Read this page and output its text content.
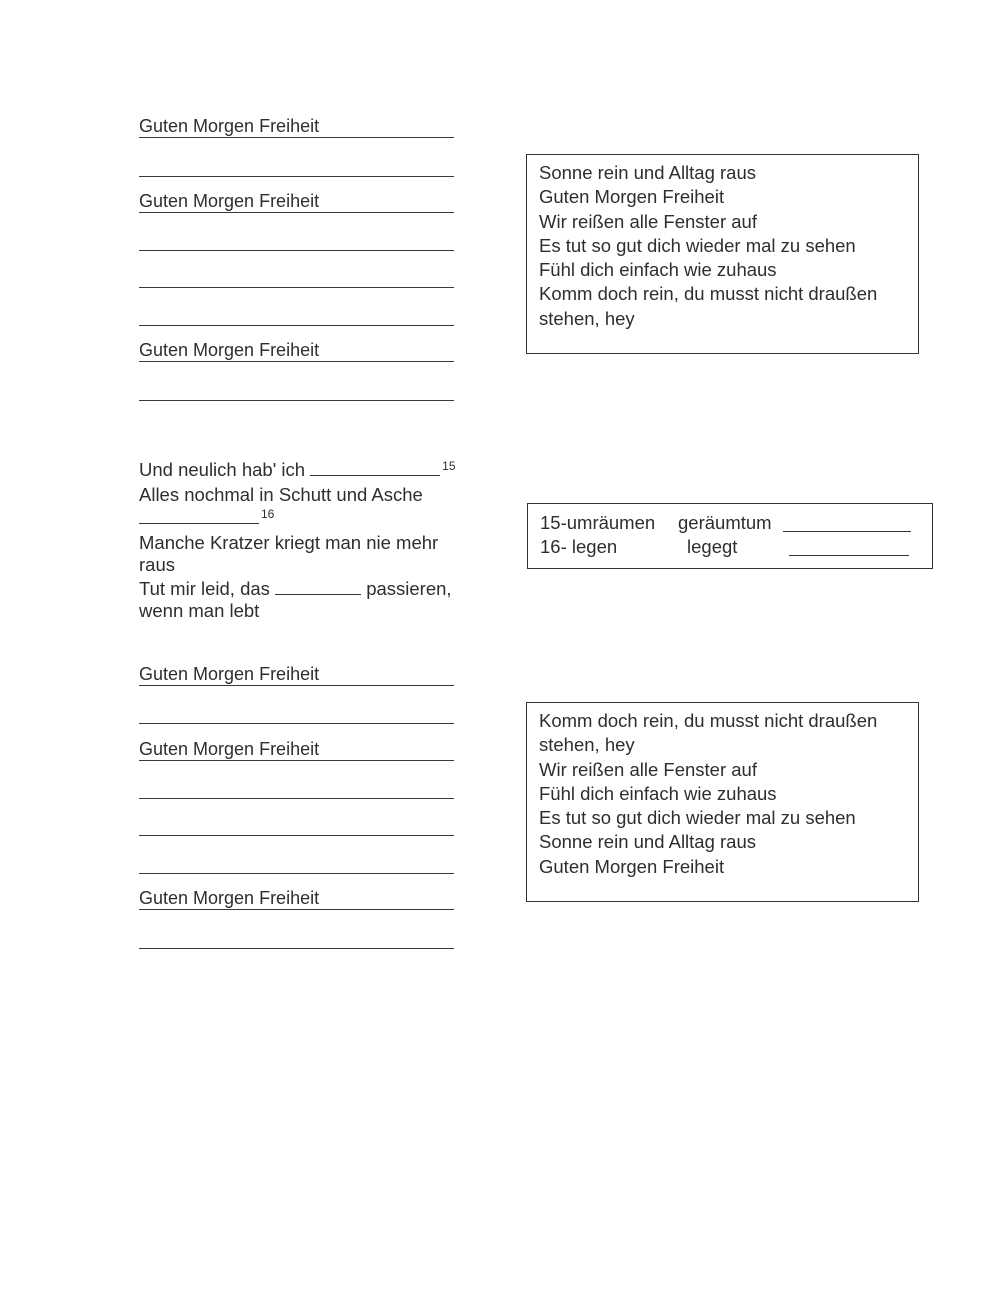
Guten Morgen Freiheit
Guten Morgen Freiheit
Guten Morgen Freiheit
Sonne rein und Alltag raus
Guten Morgen Freiheit
Wir reißen alle Fenster auf
Es tut so gut dich wieder mal zu sehen
Fühl dich einfach wie zuhaus
Komm doch rein, du musst nicht draußen
stehen, hey
Und neulich hab' ich	$^{15}$
Alles nochmal in Schutt und Asche
$^{16}$
Manche Kratzer kriegt man nie mehr raus
Tut mir leid, das	passieren, wenn man lebt
15-umräumen geräumtum
16- legen	legegt
Guten Morgen Freiheit
Guten Morgen Freiheit
Guten Morgen Freiheit
Komm doch rein, du musst nicht draußen
stehen, hey
Wir reißen alle Fenster auf
Fühl dich einfach wie zuhaus
Es tut so gut dich wieder mal zu sehen
Sonne rein und Alltag raus
Guten Morgen Freiheit
